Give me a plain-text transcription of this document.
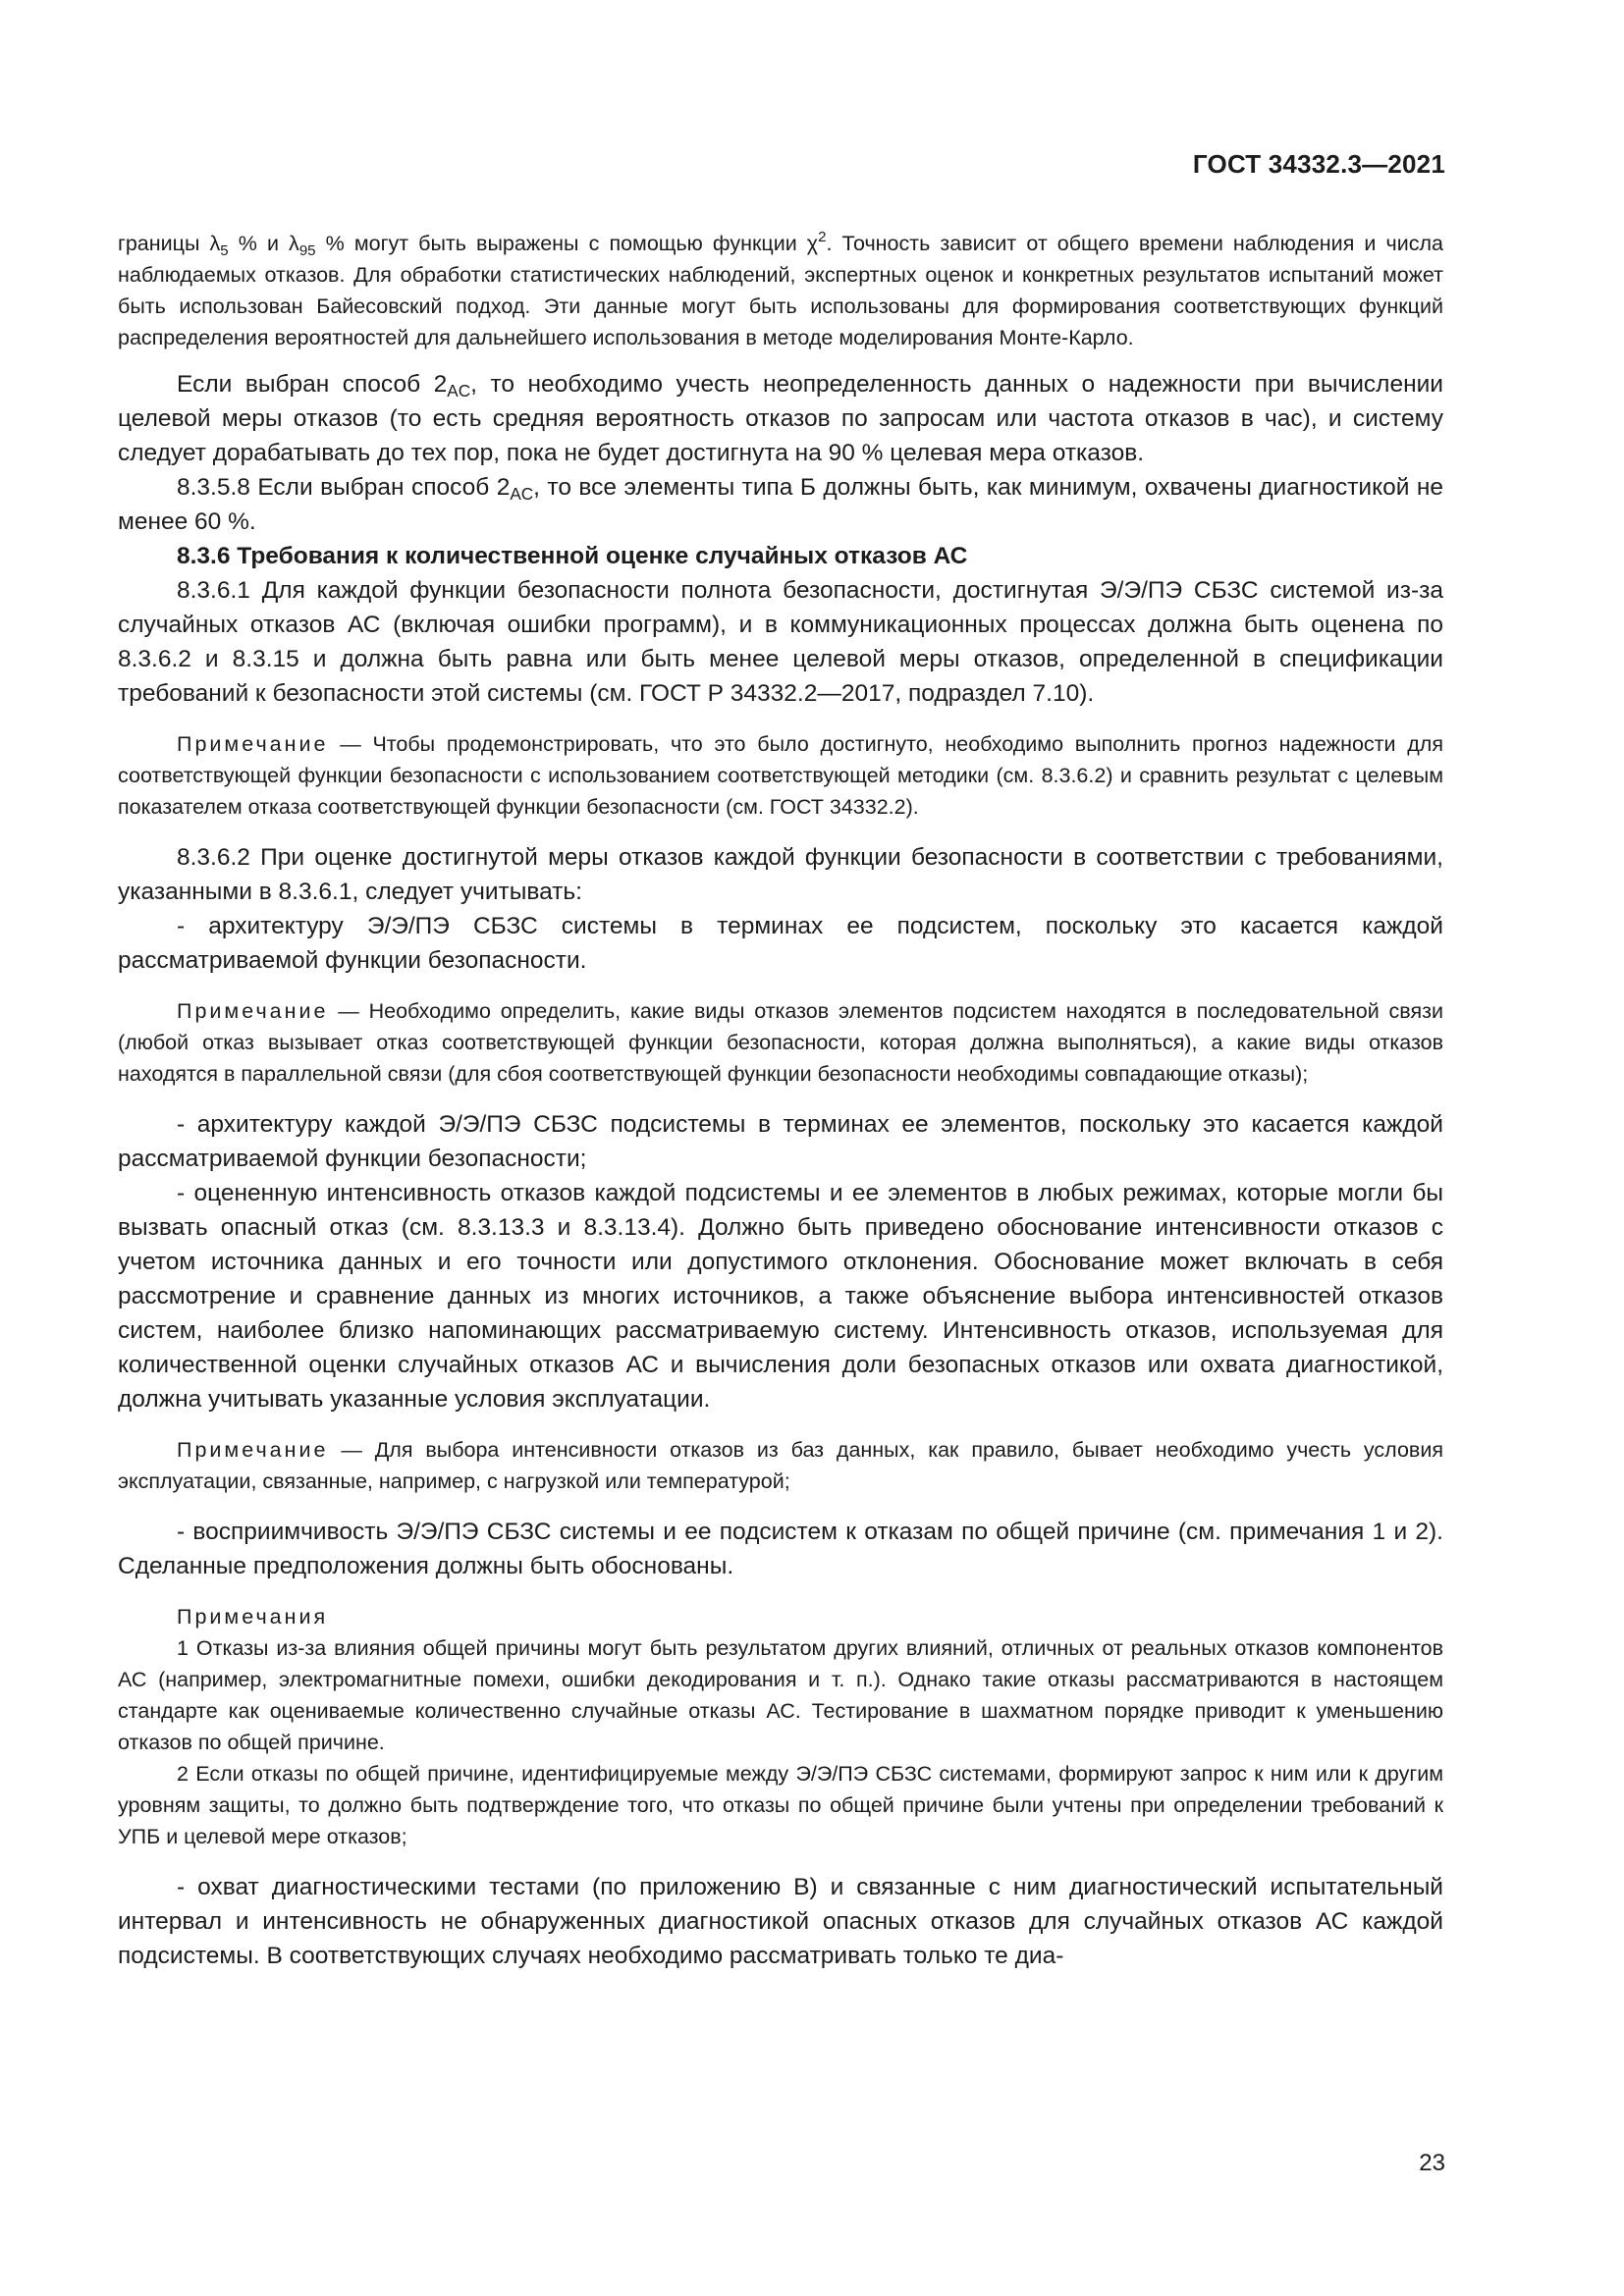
ГОСТ 34332.3—2021

границы $\lambda_5$ % и $\lambda_{95}$ % могут быть выражены с помощью функции $\chi^2$. Точность зависит от общего времени наблюдения и числа наблюдаемых отказов. Для обработки статистических наблюдений, экспертных оценок и конкретных результатов испытаний может быть использован Байесовский подход. Эти данные могут быть использованы для формирования соответствующих функций распределения вероятностей для дальнейшего использования в методе моделирования Монте-Карло.

Если выбран способ $2_{AC}$, то необходимо учесть неопределенность данных о надежности при вычислении целевой меры отказов (то есть средняя вероятность отказов по запросам или частота отказов в час), и систему следует дорабатывать до тех пор, пока не будет достигнута на 90 % целевая мера отказов.

8.3.5.8 Если выбран способ $2_{AC}$, то все элементы типа Б должны быть, как минимум, охвачены диагностикой не менее 60 %.

8.3.6 Требования к количественной оценке случайных отказов АС

8.3.6.1 Для каждой функции безопасности полнота безопасности, достигнутая Э/Э/ПЭ СБЗС системой из-за случайных отказов АС (включая ошибки программ), и в коммуникационных процессах должна быть оценена по 8.3.6.2 и 8.3.15 и должна быть равна или быть менее целевой меры отказов, определенной в спецификации требований к безопасности этой системы (см. ГОСТ Р 34332.2—2017, подраздел 7.10).

Примечание — Чтобы продемонстрировать, что это было достигнуто, необходимо выполнить прогноз надежности для соответствующей функции безопасности с использованием соответствующей методики (см. 8.3.6.2) и сравнить результат с целевым показателем отказа соответствующей функции безопасности (см. ГОСТ 34332.2).

8.3.6.2 При оценке достигнутой меры отказов каждой функции безопасности в соответствии с требованиями, указанными в 8.3.6.1, следует учитывать:

- архитектуру Э/Э/ПЭ СБЗС системы в терминах ее подсистем, поскольку это касается каждой рассматриваемой функции безопасности.

Примечание — Необходимо определить, какие виды отказов элементов подсистем находятся в последовательной связи (любой отказ вызывает отказ соответствующей функции безопасности, которая должна выполняться), а какие виды отказов находятся в параллельной связи (для сбоя соответствующей функции безопасности необходимы совпадающие отказы);

- архитектуру каждой Э/Э/ПЭ СБЗС подсистемы в терминах ее элементов, поскольку это касается каждой рассматриваемой функции безопасности;

- оцененную интенсивность отказов каждой подсистемы и ее элементов в любых режимах, которые могли бы вызвать опасный отказ (см. 8.3.13.3 и 8.3.13.4). Должно быть приведено обоснование интенсивности отказов с учетом источника данных и его точности или допустимого отклонения. Обоснование может включать в себя рассмотрение и сравнение данных из многих источников, а также объяснение выбора интенсивностей отказов систем, наиболее близко напоминающих рассматриваемую систему. Интенсивность отказов, используемая для количественной оценки случайных отказов АС и вычисления доли безопасных отказов или охвата диагностикой, должна учитывать указанные условия эксплуатации.

Примечание — Для выбора интенсивности отказов из баз данных, как правило, бывает необходимо учесть условия эксплуатации, связанные, например, с нагрузкой или температурой;

- восприимчивость Э/Э/ПЭ СБЗС системы и ее подсистем к отказам по общей причине (см. примечания 1 и 2). Сделанные предположения должны быть обоснованы.

Примечания

1 Отказы из-за влияния общей причины могут быть результатом других влияний, отличных от реальных отказов компонентов АС (например, электромагнитные помехи, ошибки декодирования и т. п.). Однако такие отказы рассматриваются в настоящем стандарте как оцениваемые количественно случайные отказы АС. Тестирование в шахматном порядке приводит к уменьшению отказов по общей причине.

2 Если отказы по общей причине, идентифицируемые между Э/Э/ПЭ СБЗС системами, формируют запрос к ним или к другим уровням защиты, то должно быть подтверждение того, что отказы по общей причине были учтены при определении требований к УПБ и целевой мере отказов;

- охват диагностическими тестами (по приложению В) и связанные с ним диагностический испытательный интервал и интенсивность не обнаруженных диагностикой опасных отказов для случайных отказов АС каждой подсистемы. В соответствующих случаях необходимо рассматривать только те диа-

23
